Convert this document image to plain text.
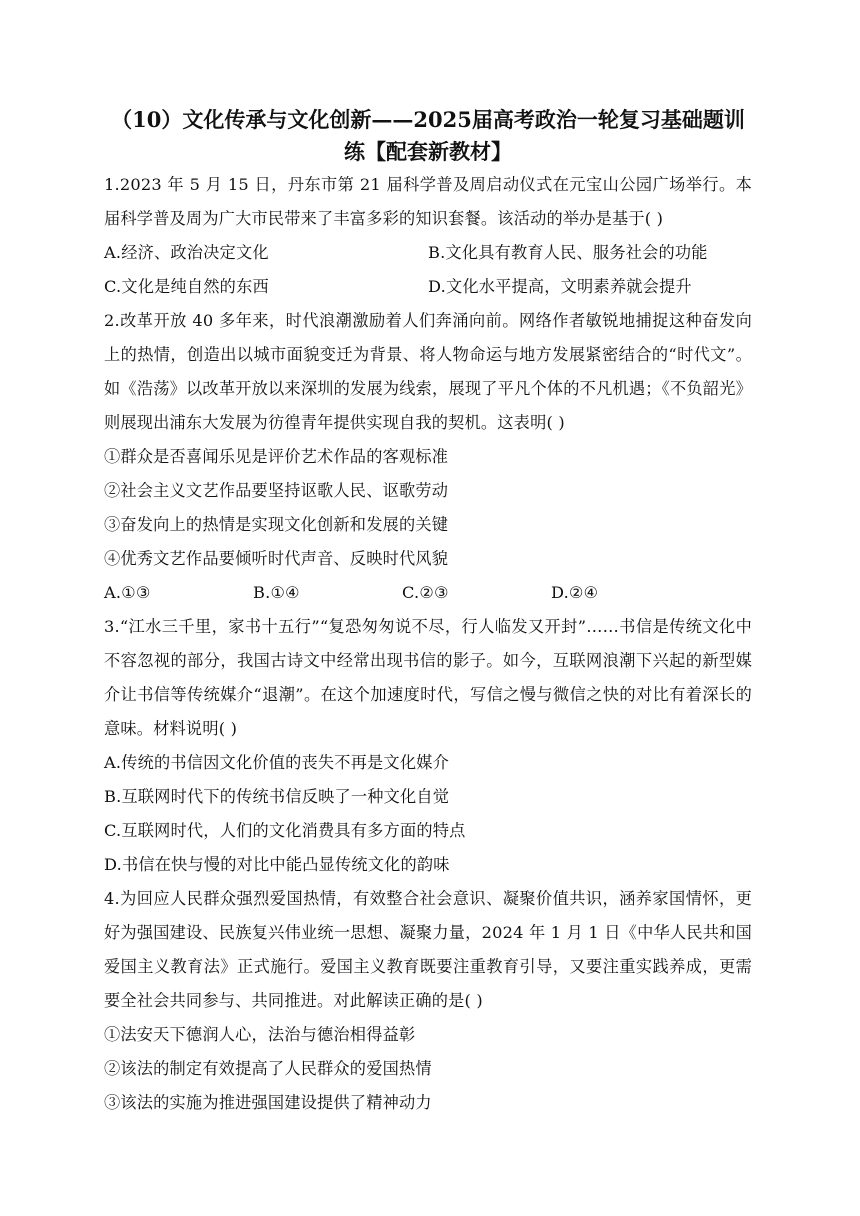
（10）文化传承与文化创新——2025届高考政治一轮复习基础题训练【配套新教材】

1.2023 年 5 月 15 日，丹东市第 21 届科学普及周启动仪式在元宝山公园广场举行。本届科学普及周为广大市民带来了丰富多彩的知识套餐。该活动的举办是基于( )

A.经济、政治决定文化	B.文化具有教育人民、服务社会的功能
C.文化是纯自然的东西	D.文化水平提高，文明素养就会提升

2.改革开放 40 多年来，时代浪潮激励着人们奔涌向前。网络作者敏锐地捕捉这种奋发向上的热情，创造出以城市面貌变迁为背景、将人物命运与地方发展紧密结合的“时代文”。如《浩荡》以改革开放以来深圳的发展为线索，展现了平凡个体的不凡机遇；《不负韶光》则展现出浦东大发展为彷徨青年提供实现自我的契机。这表明( )

①群众是否喜闻乐见是评价艺术作品的客观标准

②社会主义文艺作品要坚持讴歌人民、讴歌劳动

③奋发向上的热情是实现文化创新和发展的关键

④优秀文艺作品要倾听时代声音、反映时代风貌

A.①③	B.①④	C.②③	D.②④

3.“江水三千里，家书十五行”“复恐匆匆说不尽，行人临发又开封”……书信是传统文化中不容忽视的部分，我国古诗文中经常出现书信的影子。如今，互联网浪潮下兴起的新型媒介让书信等传统媒介“退潮”。在这个加速度时代，写信之慢与微信之快的对比有着深长的意味。材料说明( )

A.传统的书信因文化价值的丧失不再是文化媒介

B.互联网时代下的传统书信反映了一种文化自觉

C.互联网时代，人们的文化消费具有多方面的特点

D.书信在快与慢的对比中能凸显传统文化的韵味

4.为回应人民群众强烈爱国热情，有效整合社会意识、凝聚价值共识，涵养家国情怀，更好为强国建设、民族复兴伟业统一思想、凝聚力量，2024 年 1 月 1 日《中华人民共和国爱国主义教育法》正式施行。爱国主义教育既要注重教育引导，又要注重实践养成，更需要全社会共同参与、共同推进。对此解读正确的是( )

①法安天下德润人心，法治与德治相得益彰

②该法的制定有效提高了人民群众的爱国热情

③该法的实施为推进强国建设提供了精神动力
